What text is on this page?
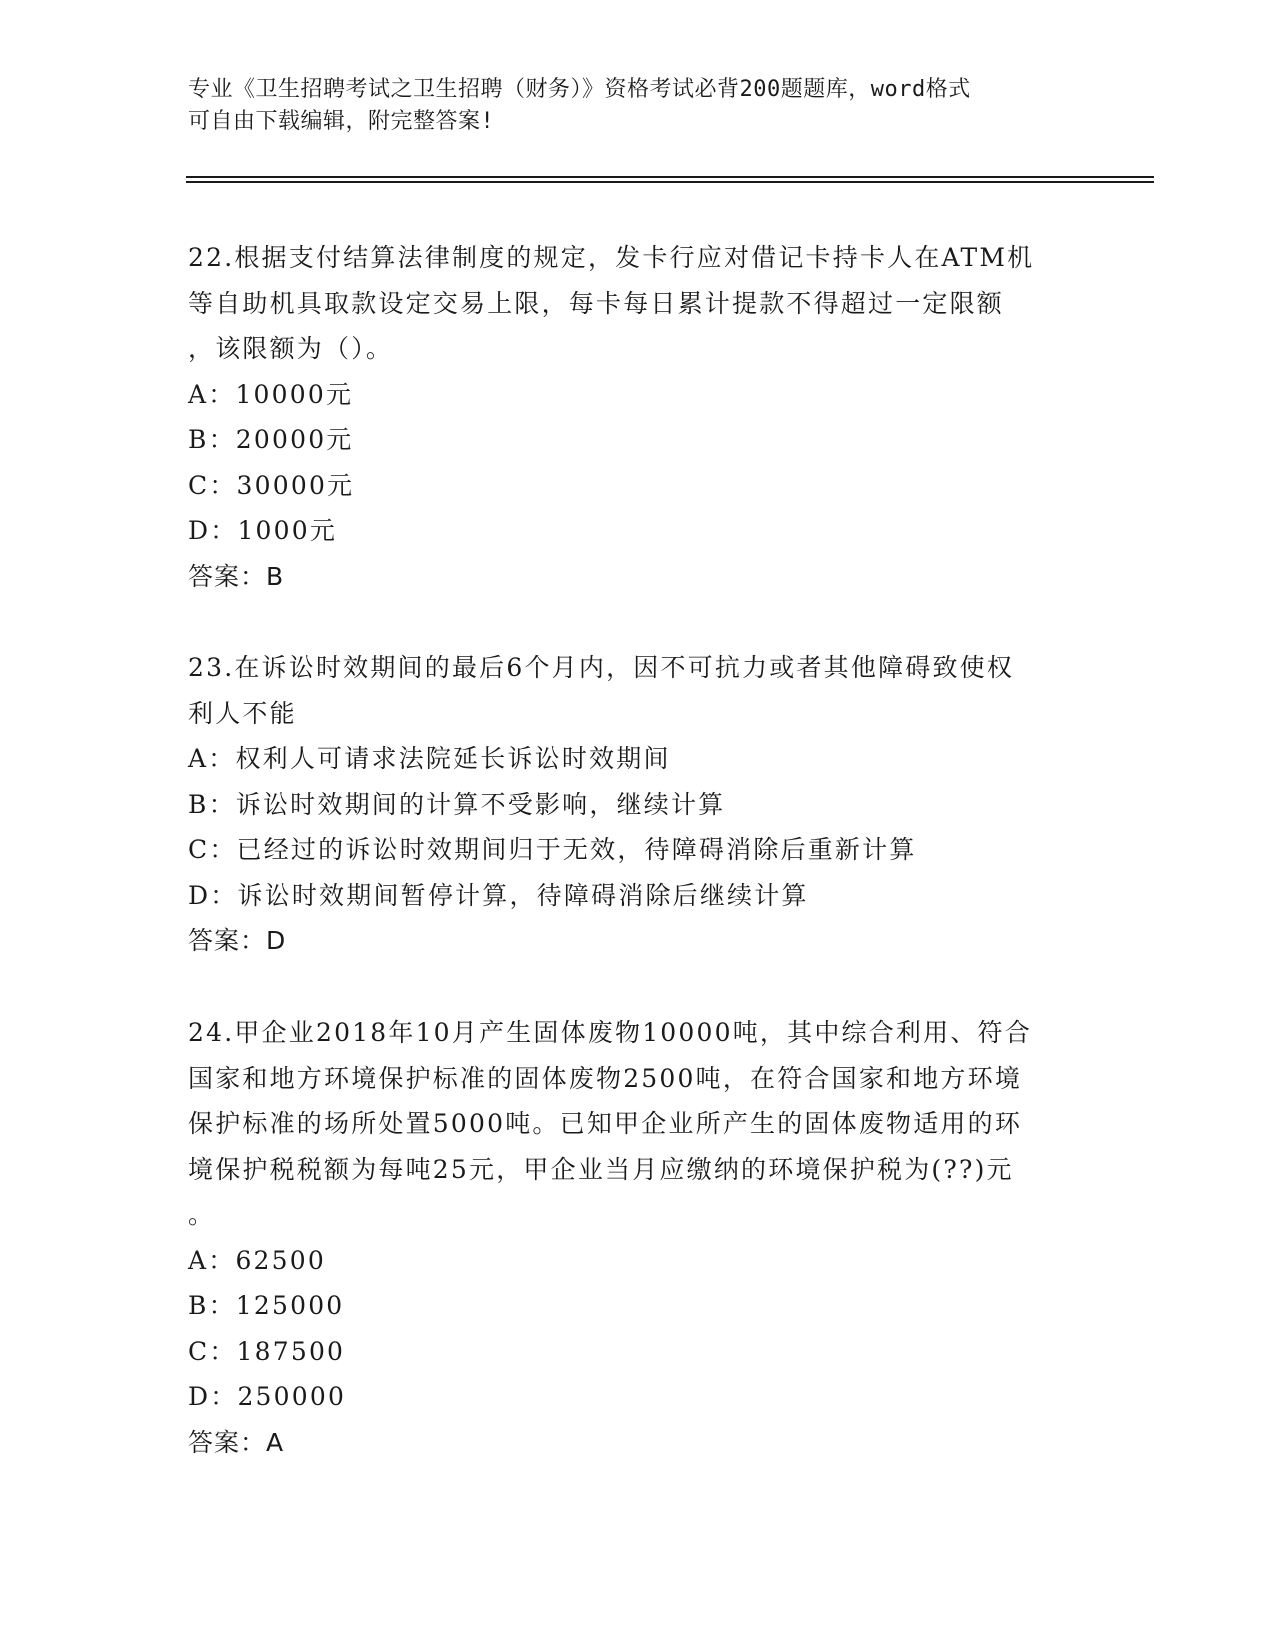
专业《卫生招聘考试之卫生招聘（财务）》资格考试必背200题题库，word格式
可自由下载编辑，附完整答案!
22.根据支付结算法律制度的规定，发卡行应对借记卡持卡人在ATM机
等自助机具取款设定交易上限，每卡每日累计提款不得超过一定限额
，该限额为（）。
A：10000元
B：20000元
C：30000元
D：1000元
答案：B
23.在诉讼时效期间的最后6个月内，因不可抗力或者其他障碍致使权
利人不能
A：权利人可请求法院延长诉讼时效期间
B：诉讼时效期间的计算不受影响，继续计算
C：已经过的诉讼时效期间归于无效，待障碍消除后重新计算
D：诉讼时效期间暂停计算，待障碍消除后继续计算
答案：D
24.甲企业2018年10月产生固体废物10000吨，其中综合利用、符合
国家和地方环境保护标准的固体废物2500吨，在符合国家和地方环境
保护标准的场所处置5000吨。已知甲企业所产生的固体废物适用的环
境保护税税额为每吨25元，甲企业当月应缴纳的环境保护税为(??)元
。
A：62500
B：125000
C：187500
D：250000
答案：A
